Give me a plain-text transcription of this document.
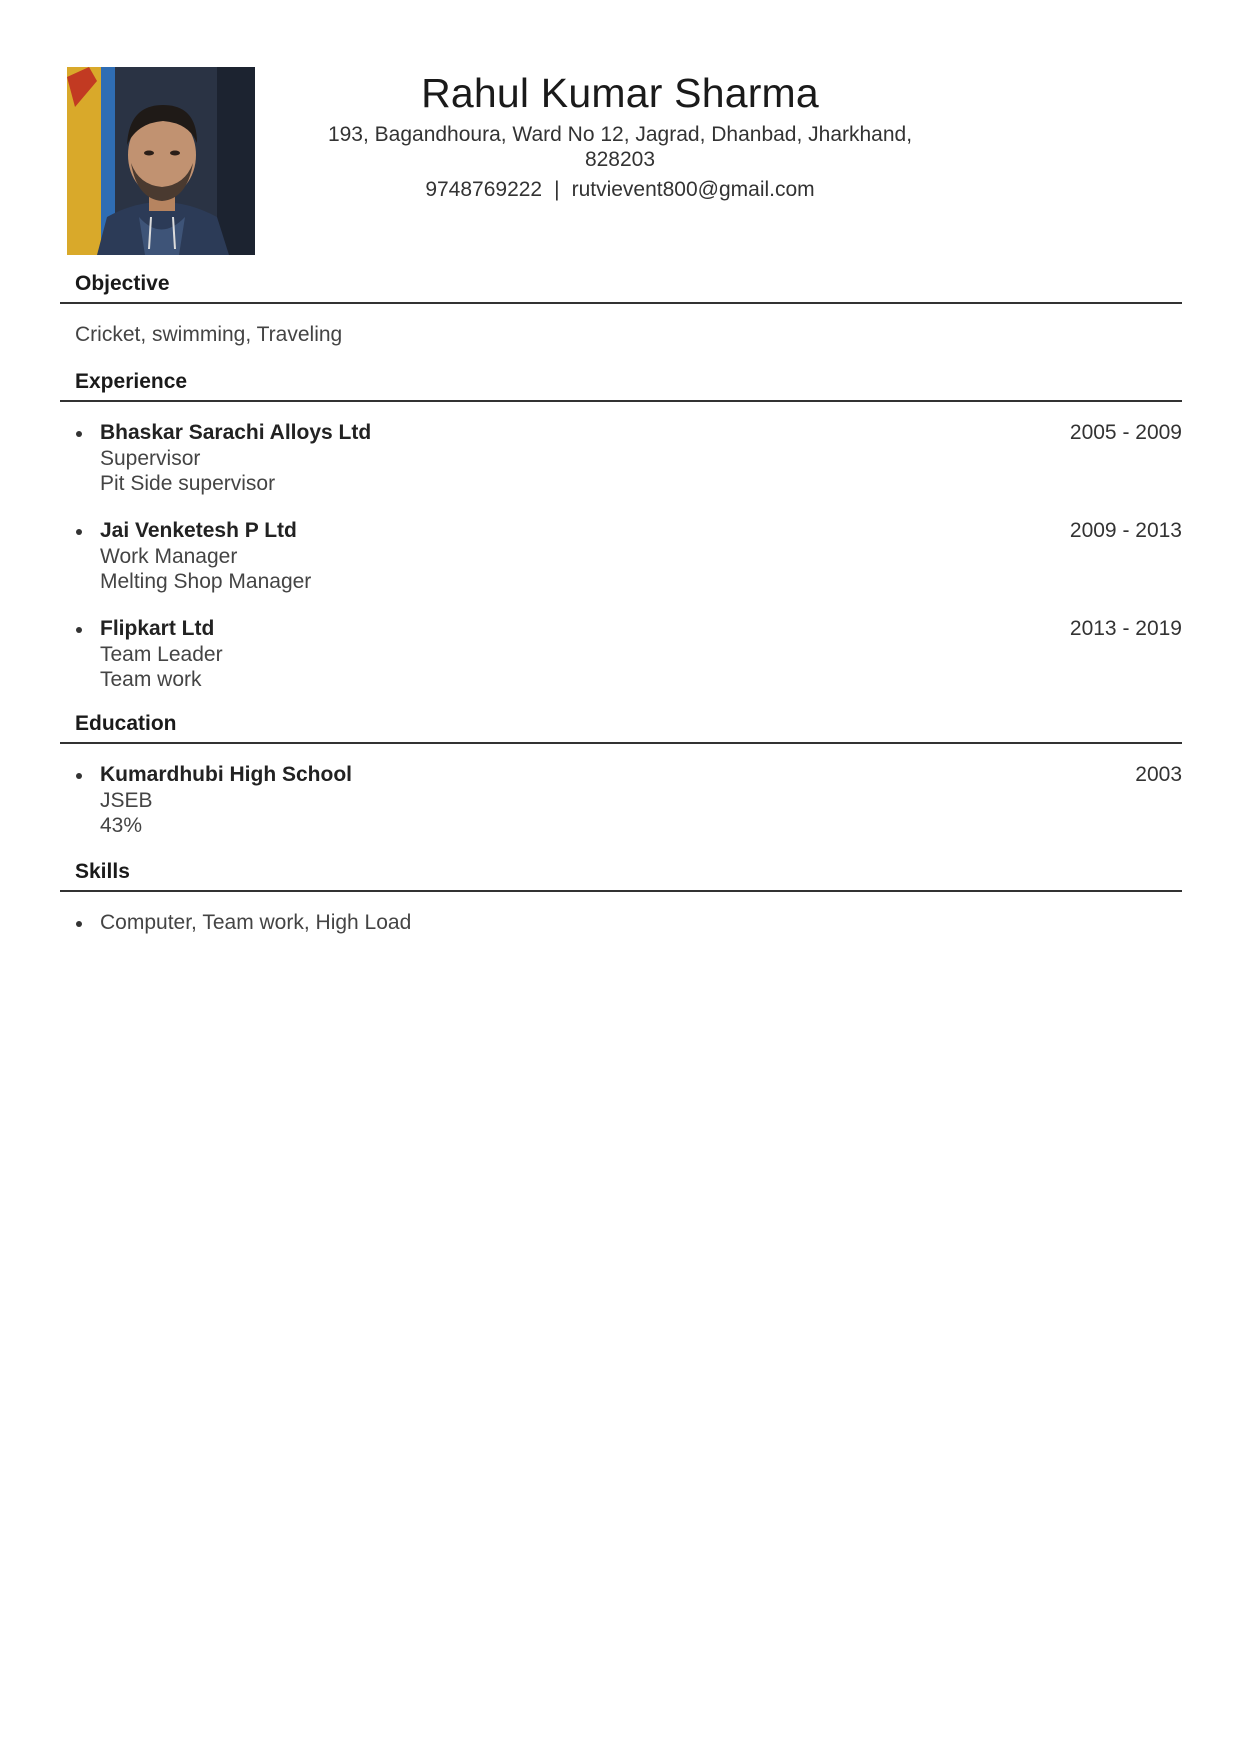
Rahul Kumar Sharma
193, Bagandhoura, Ward No 12, Jagrad, Dhanbad, Jharkhand, 828203
9748769222 | rutvievent800@gmail.com
Objective
Cricket, swimming, Traveling
Experience
Bhaskar Sarachi Alloys Ltd	2005 - 2009
Supervisor
Pit Side supervisor
Jai Venketesh P Ltd	2009 - 2013
Work Manager
Melting Shop Manager
Flipkart Ltd	2013 - 2019
Team Leader
Team work
Education
Kumardhubi High School	2003
JSEB
43%
Skills
Computer, Team work, High Load
